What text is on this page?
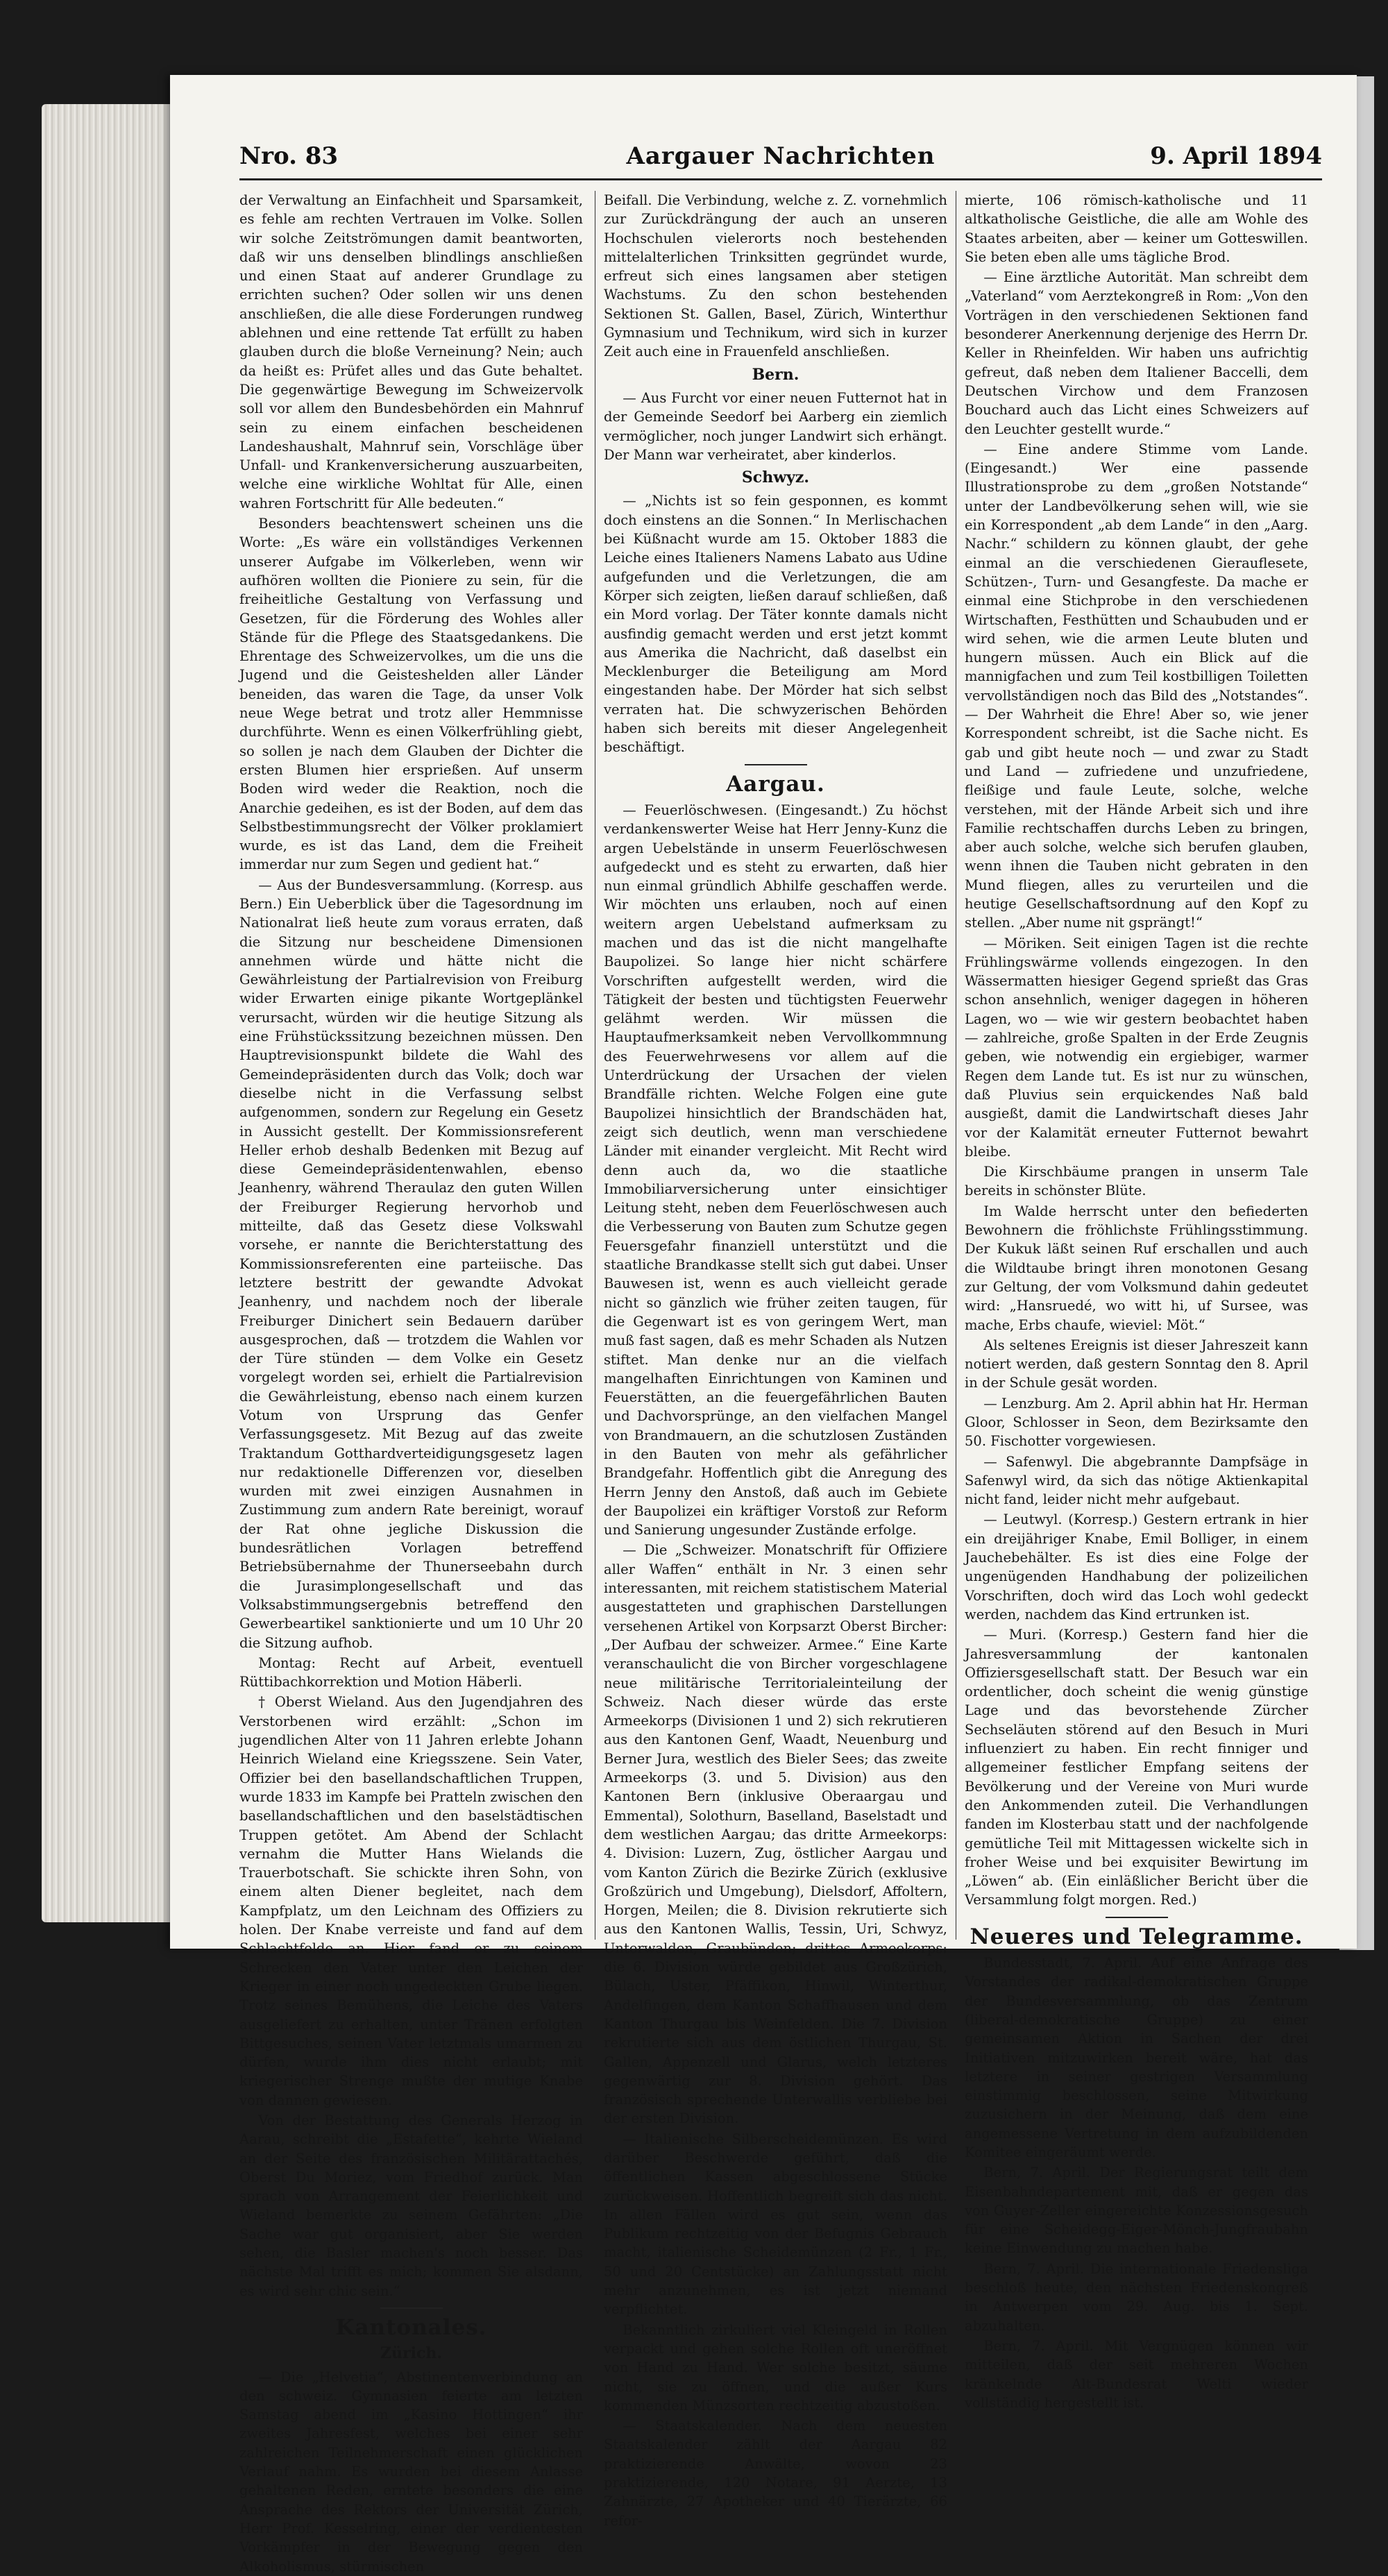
Nro. 83	Aargauer Nachrichten	9. April 1894

der Verwaltung an Einfachheit und Sparsamkeit, es fehle am rechten Vertrauen im Volke. Sollen wir solche Zeitströmungen damit beantworten, daß wir uns denselben blindlings anschließen und einen Staat auf anderer Grundlage zu errichten suchen? Oder sollen wir uns denen anschließen, die alle diese Forderungen rundweg ablehnen und eine rettende Tat erfüllt zu haben glauben durch die bloße Verneinung? Nein; auch da heißt es: Prüfet alles und das Gute behaltet. Die gegenwärtige Bewegung im Schweizervolk soll vor allem den Bundesbehörden ein Mahnruf sein zu einem einfachen bescheidenen Landeshaushalt, Mahnruf sein, Vorschläge über Unfall- und Krankenversicherung auszuarbeiten, welche eine wirkliche Wohltat für Alle, einen wahren Fortschritt für Alle bedeuten.“

Besonders beachtenswert scheinen uns die Worte: „Es wäre ein vollständiges Verkennen unserer Aufgabe im Völkerleben, wenn wir aufhören wollten die Pioniere zu sein, für die freiheitliche Gestaltung von Verfassung und Gesetzen, für die Förderung des Wohles aller Stände für die Pflege des Staatsgedankens. Die Ehrentage des Schweizervolkes, um die uns die Jugend und die Geisteshelden aller Länder beneiden, das waren die Tage, da unser Volk neue Wege betrat und trotz aller Hemmnisse durchführte. Wenn es einen Völkerfrühling giebt, so sollen je nach dem Glauben der Dichter die ersten Blumen hier ersprießen. Auf unserm Boden wird weder die Reaktion, noch die Anarchie gedeihen, es ist der Boden, auf dem das Selbstbestimmungsrecht der Völker proklamiert wurde, es ist das Land, dem die Freiheit immerdar nur zum Segen und gedient hat.“

— Aus der Bundesversammlung. (Korresp. aus Bern.) Ein Ueberblick über die Tagesordnung im Nationalrat ließ heute zum voraus erraten, daß die Sitzung nur bescheidene Dimensionen annehmen würde und hätte nicht die Gewährleistung der Partialrevision von Freiburg wider Erwarten einige pikante Wortgeplänkel verursacht, würden wir die heutige Sitzung als eine Frühstückssitzung bezeichnen müssen. Den Hauptrevisionspunkt bildete die Wahl des Gemeindepräsidenten durch das Volk; doch war dieselbe nicht in die Verfassung selbst aufgenommen, sondern zur Regelung ein Gesetz in Aussicht gestellt. Der Kommissionsreferent Heller erhob deshalb Bedenken mit Bezug auf diese Gemeindepräsidentenwahlen, ebenso Jeanhenry, während Theraulaz den guten Willen der Freiburger Regierung hervorhob und mitteilte, daß das Gesetz diese Volkswahl vorsehe, er nannte die Berichterstattung des Kommissionsreferenten eine parteiische. Das letztere bestritt der gewandte Advokat Jeanhenry, und nachdem noch der liberale Freiburger Dinichert sein Bedauern darüber ausgesprochen, daß — trotzdem die Wahlen vor der Türe stünden — dem Volke ein Gesetz vorgelegt worden sei, erhielt die Partialrevision die Gewährleistung, ebenso nach einem kurzen Votum von Ursprung das Genfer Verfassungsgesetz. Mit Bezug auf das zweite Traktandum Gotthardverteidigungsgesetz lagen nur redaktionelle Differenzen vor, dieselben wurden mit zwei einzigen Ausnahmen in Zustimmung zum andern Rate bereinigt, worauf der Rat ohne jegliche Diskussion die bundesrätlichen Vorlagen betreffend Betriebsübernahme der Thunerseebahn durch die Jurasimplongesellschaft und das Volksabstimmungsergebnis betreffend den Gewerbeartikel sanktionierte und um 10 Uhr 20 die Sitzung aufhob.

Montag: Recht auf Arbeit, eventuell Rüttibachkorrektion und Motion Häberli.

† Oberst Wieland. Aus den Jugendjahren des Verstorbenen wird erzählt: „Schon im jugendlichen Alter von 11 Jahren erlebte Johann Heinrich Wieland eine Kriegsszene. Sein Vater, Offizier bei den basellandschaftlichen Truppen, wurde 1833 im Kampfe bei Pratteln zwischen den basellandschaftlichen und den baselstädtischen Truppen getötet. Am Abend der Schlacht vernahm die Mutter Hans Wielands die Trauerbotschaft. Sie schickte ihren Sohn, von einem alten Diener begleitet, nach dem Kampfplatz, um den Leichnam des Offiziers zu holen. Der Knabe verreiste und fand auf dem Schlachtfelde an. Hier fand er zu seinem Schrecken den Vater unter den Leichen der Krieger in einer noch ungedeckten Grube liegen. Trotz seines Bemühens, die Leiche des Vaters ausgeliefert zu erhalten, unter Tränen erfolgten Bittgesuches, seinen Vater letztmals umarmen zu dürfen, wurde ihm dies nicht erlaubt; mit kriegerischer Strenge mußte der mutige Knabe von dannen gewiesen.

Von der Bestattung des Generals Herzog in Aarau, schreibt die „Estafette“, kehrte Wieland an der Seite des französischen Militärattachés, Oberst Du Moriez, vom Friedhof zurück. Man sprach von Arrangement der Feierlichkeit und Wieland bemerkte zu seinem Gefährten: „Die Sache war gut organisiert, aber Sie werden sehen, die Basler machen's noch besser. Das nächste Mal trifft es mich; kommen Sie alsdann, es wird sehr chic sein.“

Kantonales.
Zürich.

— Die „Helvetia“, Abstinentenverbindung an den schweiz. Gymnasien feierte am letzten Samstag abend im „Kasino Hottingen“ ihr zweites Jahresfest, welches bei einer sehr zahlreichen Teilnehmerschaft einen glücklichen Verlauf nahm. Es wurden bei diesem Anlasse gehaltenen Reden, erntete besonders die eine Ansprache des Rektors der Universität Zürich, Herr Prof. Kesselring, einer der verdientesten Vorkämpfer in der Bewegung gegen den Alkoholismus, stürmischen

Beifall. Die Verbindung, welche z. Z. vornehmlich zur Zurückdrängung der auch an unseren Hochschulen vielerorts noch bestehenden mittelalterlichen Trinksitten gegründet wurde, erfreut sich eines langsamen aber stetigen Wachstums. Zu den schon bestehenden Sektionen St. Gallen, Basel, Zürich, Winterthur Gymnasium und Technikum, wird sich in kurzer Zeit auch eine in Frauenfeld anschließen.

Bern.

— Aus Furcht vor einer neuen Futternot hat in der Gemeinde Seedorf bei Aarberg ein ziemlich vermöglicher, noch junger Landwirt sich erhängt. Der Mann war verheiratet, aber kinderlos.

Schwyz.

— „Nichts ist so fein gesponnen, es kommt doch einstens an die Sonnen.“ In Merlischachen bei Küßnacht wurde am 15. Oktober 1883 die Leiche eines Italieners Namens Labato aus Udine aufgefunden und die Verletzungen, die am Körper sich zeigten, ließen darauf schließen, daß ein Mord vorlag. Der Täter konnte damals nicht ausfindig gemacht werden und erst jetzt kommt aus Amerika die Nachricht, daß daselbst ein Mecklenburger die Beteiligung am Mord eingestanden habe. Der Mörder hat sich selbst verraten hat. Die schwyzerischen Behörden haben sich bereits mit dieser Angelegenheit beschäftigt.

Aargau.

— Feuerlöschwesen. (Eingesandt.) Zu höchst verdankenswerter Weise hat Herr Jenny-Kunz die argen Uebelstände in unserm Feuerlöschwesen aufgedeckt und es steht zu erwarten, daß hier nun einmal gründlich Abhilfe geschaffen werde. Wir möchten uns erlauben, noch auf einen weitern argen Uebelstand aufmerksam zu machen und das ist die nicht mangelhafte Baupolizei. So lange hier nicht schärfere Vorschriften aufgestellt werden, wird die Tätigkeit der besten und tüchtigsten Feuerwehr gelähmt werden. Wir müssen die Hauptaufmerksamkeit neben Vervollkommnung des Feuerwehrwesens vor allem auf die Unterdrückung der Ursachen der vielen Brandfälle richten. Welche Folgen eine gute Baupolizei hinsichtlich der Brandschäden hat, zeigt sich deutlich, wenn man verschiedene Länder mit einander vergleicht. Mit Recht wird denn auch da, wo die staatliche Immobiliarversicherung unter einsichtiger Leitung steht, neben dem Feuerlöschwesen auch die Verbesserung von Bauten zum Schutze gegen Feuersgefahr finanziell unterstützt und die staatliche Brandkasse stellt sich gut dabei. Unser Bauwesen ist, wenn es auch vielleicht gerade nicht so gänzlich wie früher zeiten taugen, für die Gegenwart ist es von geringem Wert, man muß fast sagen, daß es mehr Schaden als Nutzen stiftet. Man denke nur an die vielfach mangelhaften Einrichtungen von Kaminen und Feuerstätten, an die feuergefährlichen Bauten und Dachvorsprünge, an den vielfachen Mangel von Brandmauern, an die schutzlosen Zuständen in den Bauten von mehr als gefährlicher Brandgefahr. Hoffentlich gibt die Anregung des Herrn Jenny den Anstoß, daß auch im Gebiete der Baupolizei ein kräftiger Vorstoß zur Reform und Sanierung ungesunder Zustände erfolge.

— Die „Schweizer. Monatschrift für Offiziere aller Waffen“ enthält in Nr. 3 einen sehr interessanten, mit reichem statistischem Material ausgestatteten und graphischen Darstellungen versehenen Artikel von Korpsarzt Oberst Bircher: „Der Aufbau der schweizer. Armee.“ Eine Karte veranschaulicht die von Bircher vorgeschlagene neue militärische Territorialeinteilung der Schweiz. Nach dieser würde das erste Armeekorps (Divisionen 1 und 2) sich rekrutieren aus den Kantonen Genf, Waadt, Neuenburg und Berner Jura, westlich des Bieler Sees; das zweite Armeekorps (3. und 5. Division) aus den Kantonen Bern (inklusive Oberaargau und Emmental), Solothurn, Baselland, Baselstadt und dem westlichen Aargau; das dritte Armeekorps: 4. Division: Luzern, Zug, östlicher Aargau und vom Kanton Zürich die Bezirke Zürich (exklusive Großzürich und Umgebung), Dielsdorf, Affoltern, Horgen, Meilen; die 8. Division rekrutierte sich aus den Kantonen Wallis, Tessin, Uri, Schwyz, Unterwalden, Graubünden; drittes Armeekorps: die 6. Division würde gebildet aus Großzürich, Bülach, Uster, Pfäffikon, Hinwil, Winterthur, Andelfingen, dem Kanton Schaffhausen und dem Kanton Thurgau bis Weinfelden. Die 7. Division rekrutierte sich aus dem östlichen Thurgau, St. Gallen, Appenzell und Glarus, welch letzteres gegenwärtig zur 8. Division gehört. Das französisch sprechende Unterwallis verbliebe bei der ersten Division.

— Italienische Silberscheidemünzen. Es wird darüber Beschwerde geführt, daß die öffentlichen Kassen abgeschlossene Stücke zurückweisen. Hoffentlich begreift sich das nicht. In allen Fällen wird es gut sein, wenn das Publikum rechtzeitig von der Befugnis Gebrauch macht, italienische Scheidemünzen (2 Fr., 1 Fr., 50 und 20 Centstücke) an Zahlungsstatt nicht mehr anzunehmen, es ist jetzt niemand verpflichtet.

Bekanntlich zirkuliert viel Kleingeld in Rollen verpackt und gehen solche Rollen oft uneröffnet von Hand zu Hand. Wer solche besitzt, säume nicht, sie zu öffnen, und die außer Kurs kommenden Münzsorten rechtzeitig abzustoßen.

— Staatskalender. Nach dem neuesten Staatskalender zählt der Aargau 82 praktizierende Anwälte, wovon 23 praktizierende, 120 Notare, 91 Aerzte, 13 Zahnärzte, 27 Apotheker und 40 Tierärzte, 66 refor-

mierte, 106 römisch-katholische und 11 altkatholische Geistliche, die alle am Wohle des Staates arbeiten, aber — keiner um Gotteswillen. Sie beten eben alle ums tägliche Brod.

— Eine ärztliche Autorität. Man schreibt dem „Vaterland“ vom Aerztekongreß in Rom: „Von den Vorträgen in den verschiedenen Sektionen fand besonderer Anerkennung derjenige des Herrn Dr. Keller in Rheinfelden. Wir haben uns aufrichtig gefreut, daß neben dem Italiener Baccelli, dem Deutschen Virchow und dem Franzosen Bouchard auch das Licht eines Schweizers auf den Leuchter gestellt wurde.“

— Eine andere Stimme vom Lande. (Eingesandt.) Wer eine passende Illustrationsprobe zu dem „großen Notstande“ unter der Landbevölkerung sehen will, wie sie ein Korrespondent „ab dem Lande“ in den „Aarg. Nachr.“ schildern zu können glaubt, der gehe einmal an die verschiedenen Gierauflesete, Schützen-, Turn- und Gesangfeste. Da mache er einmal eine Stichprobe in den verschiedenen Wirtschaften, Festhütten und Schaubuden und er wird sehen, wie die armen Leute bluten und hungern müssen. Auch ein Blick auf die mannigfachen und zum Teil kostbilligen Toiletten vervollständigen noch das Bild des „Notstandes“. — Der Wahrheit die Ehre! Aber so, wie jener Korrespondent schreibt, ist die Sache nicht. Es gab und gibt heute noch — und zwar zu Stadt und Land — zufriedene und unzufriedene, fleißige und faule Leute, solche, welche verstehen, mit der Hände Arbeit sich und ihre Familie rechtschaffen durchs Leben zu bringen, aber auch solche, welche sich berufen glauben, wenn ihnen die Tauben nicht gebraten in den Mund fliegen, alles zu verurteilen und die heutige Gesellschaftsordnung auf den Kopf zu stellen. „Aber nume nit gsprängt!“

— Möriken. Seit einigen Tagen ist die rechte Frühlingswärme vollends eingezogen. In den Wässermatten hiesiger Gegend sprießt das Gras schon ansehnlich, weniger dagegen in höheren Lagen, wo — wie wir gestern beobachtet haben — zahlreiche, große Spalten in der Erde Zeugnis geben, wie notwendig ein ergiebiger, warmer Regen dem Lande tut. Es ist nur zu wünschen, daß Pluvius sein erquickendes Naß bald ausgießt, damit die Landwirtschaft dieses Jahr vor der Kalamität erneuter Futternot bewahrt bleibe.

Die Kirschbäume prangen in unserm Tale bereits in schönster Blüte.

Im Walde herrscht unter den befiederten Bewohnern die fröhlichste Frühlingsstimmung. Der Kukuk läßt seinen Ruf erschallen und auch die Wildtaube bringt ihren monotonen Gesang zur Geltung, der vom Volksmund dahin gedeutet wird: „Hansruedé, wo witt hi, uf Sursee, was mache, Erbs chaufe, wieviel: Möt.“

Als seltenes Ereignis ist dieser Jahreszeit kann notiert werden, daß gestern Sonntag den 8. April in der Schule gesät worden.

— Lenzburg. Am 2. April abhin hat Hr. Herman Gloor, Schlosser in Seon, dem Bezirksamte den 50. Fischotter vorgewiesen.

— Safenwyl. Die abgebrannte Dampfsäge in Safenwyl wird, da sich das nötige Aktienkapital nicht fand, leider nicht mehr aufgebaut.

— Leutwyl. (Korresp.) Gestern ertrank in hier ein dreijähriger Knabe, Emil Bolliger, in einem Jauchebehälter. Es ist dies eine Folge der ungenügenden Handhabung der polizeilichen Vorschriften, doch wird das Loch wohl gedeckt werden, nachdem das Kind ertrunken ist.

— Muri. (Korresp.) Gestern fand hier die Jahresversammlung der kantonalen Offiziersgesellschaft statt. Der Besuch war ein ordentlicher, doch scheint die wenig günstige Lage und das bevorstehende Zürcher Sechseläuten störend auf den Besuch in Muri influenziert zu haben. Ein recht finniger und allgemeiner festlicher Empfang seitens der Bevölkerung und der Vereine von Muri wurde den Ankommenden zuteil. Die Verhandlungen fanden im Klosterbau statt und der nachfolgende gemütliche Teil mit Mittagessen wickelte sich in froher Weise und bei exquisiter Bewirtung im „Löwen“ ab. (Ein einläßlicher Bericht über die Versammlung folgt morgen. Red.)

Neueres und Telegramme.

Bundesstadt, 7. April. Auf eine Anfrage des Vorstandes der radikal-demokratischen Gruppe der Bundesversammlung, ob das Zentrum (liberal-demokratische Gruppe) zu einer gemeinsamen Aktion in Sachen der drei Initiativen mitzuwirken bereit wäre, hat das letztere in seiner gestrigen Versammlung einstimmig beschlossen, seine Mitwirkung zuzusichern in der Meinung, daß dem eine angemessene Vertretung in dem aufzubildenden Komitee eingeräumt werde.

Bern, 7. April. Der Regierungsrat teilt dem Eisenbahndepartement mit, daß er gegen das von Guyer-Zeller eingereichte Konzessionsgesuch für eine Scheidegg-Eiger-Mönch-Jungfraubahn keine Einwendung zu machen habe.

Bern, 7. April. Die internationale Friedensliga beschloß heute, den nächsten Friedenskongreß in Antwerpen vom 29. Aug. bis 1. Sept. abzuhalten.

Bern, 7. April. Mit Vergnügen können wir mitteilen, daß der seit mehreren Wochen kränkelnde Alt-Bundesrat Welti wieder vollständig hergestellt ist.
